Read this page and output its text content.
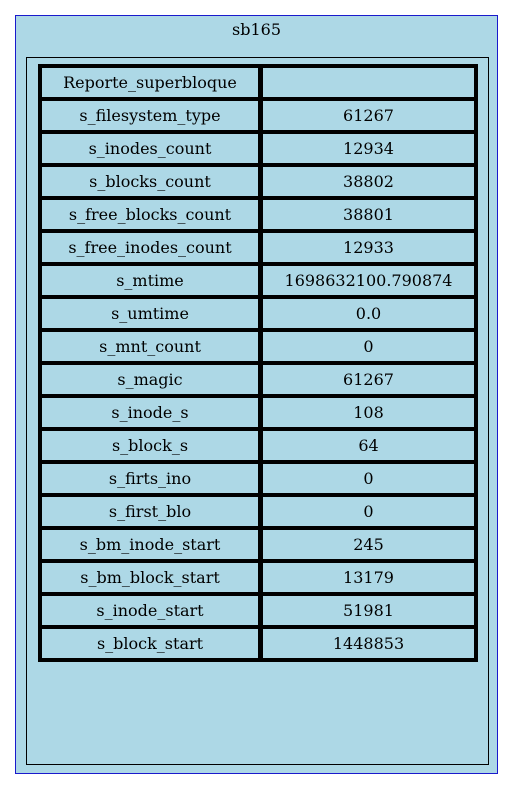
sb165
Reporte_superbloque	
s_filesystem_type	61267
s_inodes_count	12934
s_blocks_count	38802
s_free_blocks_count	38801
s_free_inodes_count	12933
s_mtime	1698632100.790874
s_umtime	0.0
s_mnt_count	0
s_magic	61267
s_inode_s	108
s_block_s	64
s_firts_ino	0
s_first_blo	0
s_bm_inode_start	245
s_bm_block_start	13179
s_inode_start	51981
s_block_start	1448853
